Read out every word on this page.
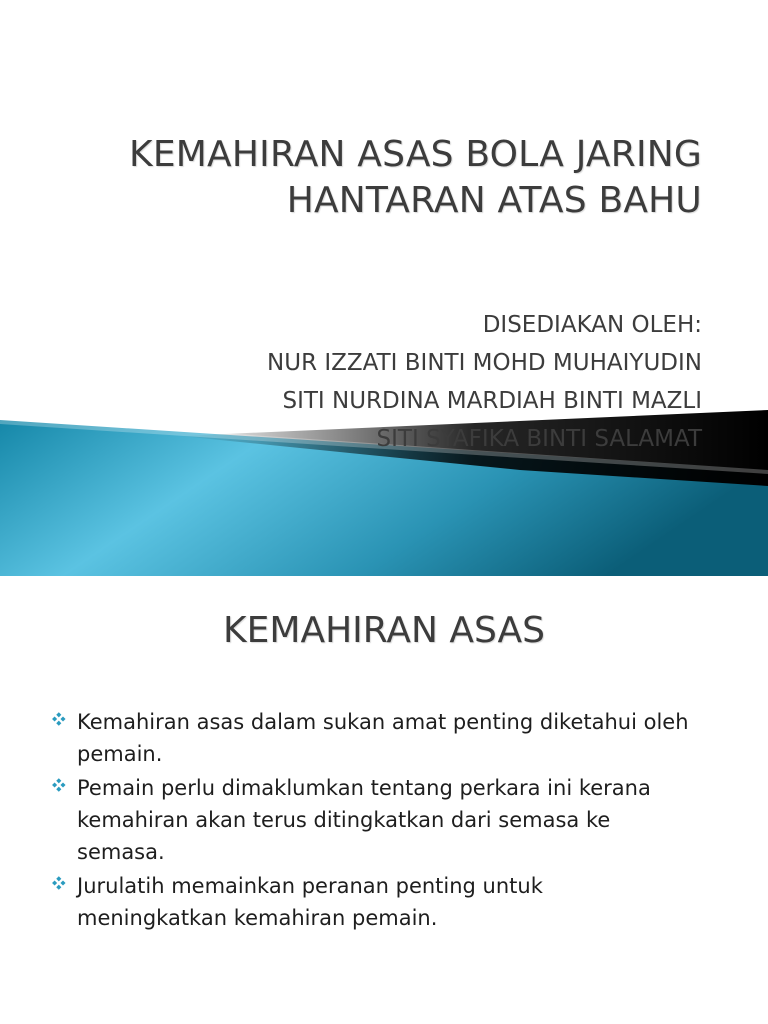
KEMAHIRAN ASAS BOLA JARING
HANTARAN ATAS BAHU
DISEDIAKAN OLEH:
NUR IZZATI BINTI MOHD MUHAIYUDIN
SITI NURDINA MARDIAH BINTI MAZLI
SITI SYAFIKA BINTI SALAMAT
KEMAHIRAN ASAS
Kemahiran asas dalam sukan amat penting diketahui oleh pemain.
Pemain perlu dimaklumkan tentang perkara ini kerana kemahiran akan terus ditingkatkan dari semasa ke semasa.
Jurulatih memainkan peranan penting untuk meningkatkan kemahiran pemain.
